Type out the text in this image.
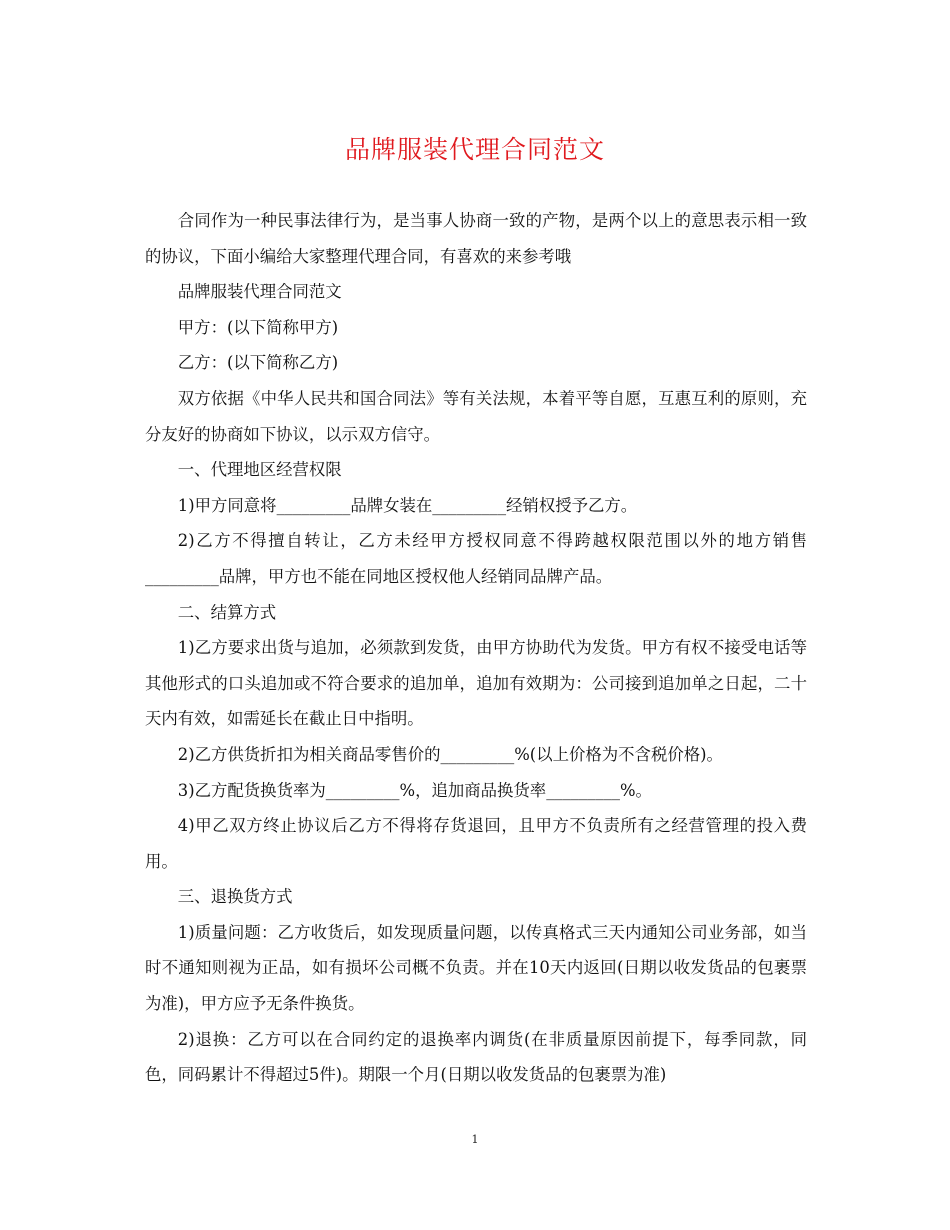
品牌服装代理合同范文

合同作为一种民事法律行为，是当事人协商一致的产物，是两个以上的意思表示相一致的协议，下面小编给大家整理代理合同，有喜欢的来参考哦

品牌服装代理合同范文

甲方：(以下简称甲方)

乙方：(以下简称乙方)

双方依据《中华人民共和国合同法》等有关法规，本着平等自愿，互惠互利的原则，充分友好的协商如下协议，以示双方信守。

一、代理地区经营权限

1)甲方同意将_________品牌女装在_________经销权授予乙方。

2)乙方不得擅自转让，乙方未经甲方授权同意不得跨越权限范围以外的地方销售_________品牌，甲方也不能在同地区授权他人经销同品牌产品。

二、结算方式

1)乙方要求出货与追加，必须款到发货，由甲方协助代为发货。甲方有权不接受电话等其他形式的口头追加或不符合要求的追加单，追加有效期为：公司接到追加单之日起，二十天内有效，如需延长在截止日中指明。

2)乙方供货折扣为相关商品零售价的_________%(以上价格为不含税价格)。

3)乙方配货换货率为_________%，追加商品换货率_________%。

4)甲乙双方终止协议后乙方不得将存货退回，且甲方不负责所有之经营管理的投入费用。

三、退换货方式

1)质量问题：乙方收货后，如发现质量问题，以传真格式三天内通知公司业务部，如当时不通知则视为正品，如有损坏公司概不负责。并在10天内返回(日期以收发货品的包裹票为准)，甲方应予无条件换货。

2)退换：乙方可以在合同约定的退换率内调货(在非质量原因前提下，每季同款，同色，同码累计不得超过5件)。期限一个月(日期以收发货品的包裹票为准)

1
